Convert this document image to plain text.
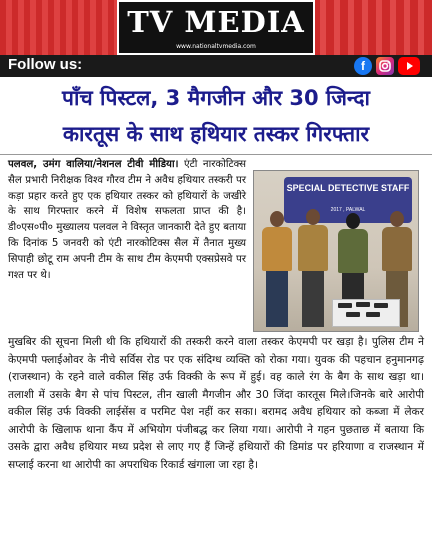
TV MEDIA
www.nationaltvmedia.com
Follow us:	f
पाँच पिस्टल, 3 मैगजीन और 30 जिन्दा
कारतूस के साथ हथियार तस्कर गिरफ्तार
पलवल, उमंग वालिया/नेशनल टीवी मीडिया। एंटी नारकोटिक्स सैल प्रभारी निरीक्षक विश्व गौरव टीम ने अवैध हथियार तस्करी पर कड़ा प्रहार करते हुए एक हथियार तस्कर को हथियारों के जखीरे के साथ गिरफ्तार करने में विशेष सफलता प्राप्त की है। डी०एस०पी० मुख्यालय पलवल ने विस्तृत जानकारी देते हुए बताया कि दिनांक 5 जनवरी को एंटी नारकोटिक्स सैल में तैनात मुख्य सिपाही छोटू राम अपनी टीम के साथ टीम केएमपी एक्सप्रेसवे पर गश्त पर थे।
SPECIAL DETECTIVE STAFF
2017 , PALWAL
मुखबिर की सूचना मिली थी कि हथियारों की तस्करी करने वाला तस्कर केएमपी पर खड़ा है। पुलिस टीम ने केएमपी फ्लाईओवर के नीचे सर्विस रोड पर एक संदिग्ध व्यक्ति को रोका गया। युवक की पहचान हनुमानगढ़ (राजस्थान) के रहने वाले वकील सिंह उर्फ विक्की के रूप में हुई। वह काले रंग के बैग के साथ खड़ा था। तलाशी में उसके बैग से पांच पिस्टल, तीन खाली मैगजीन और 30 जिंदा कारतूस मिले।जिनके बारे आरोपी वकील सिंह उर्फ विक्की लाईसेंस व परमिट पेश नहीं कर सका। बरामद अवैध हथियार को कब्जा में लेकर आरोपी के खिलाफ थाना कैंप में अभियोग पंजीबद्ध कर लिया गया। आरोपी ने गहन पुछताछ में बताया कि उसके द्वारा अवैध हथियार मध्य प्रदेश से लाए गए हैं जिन्हें हथियारों की डिमांड पर हरियाणा व राजस्थान में सप्लाई करना था आरोपी का अपराधिक रिकार्ड खंगाला जा रहा है।
